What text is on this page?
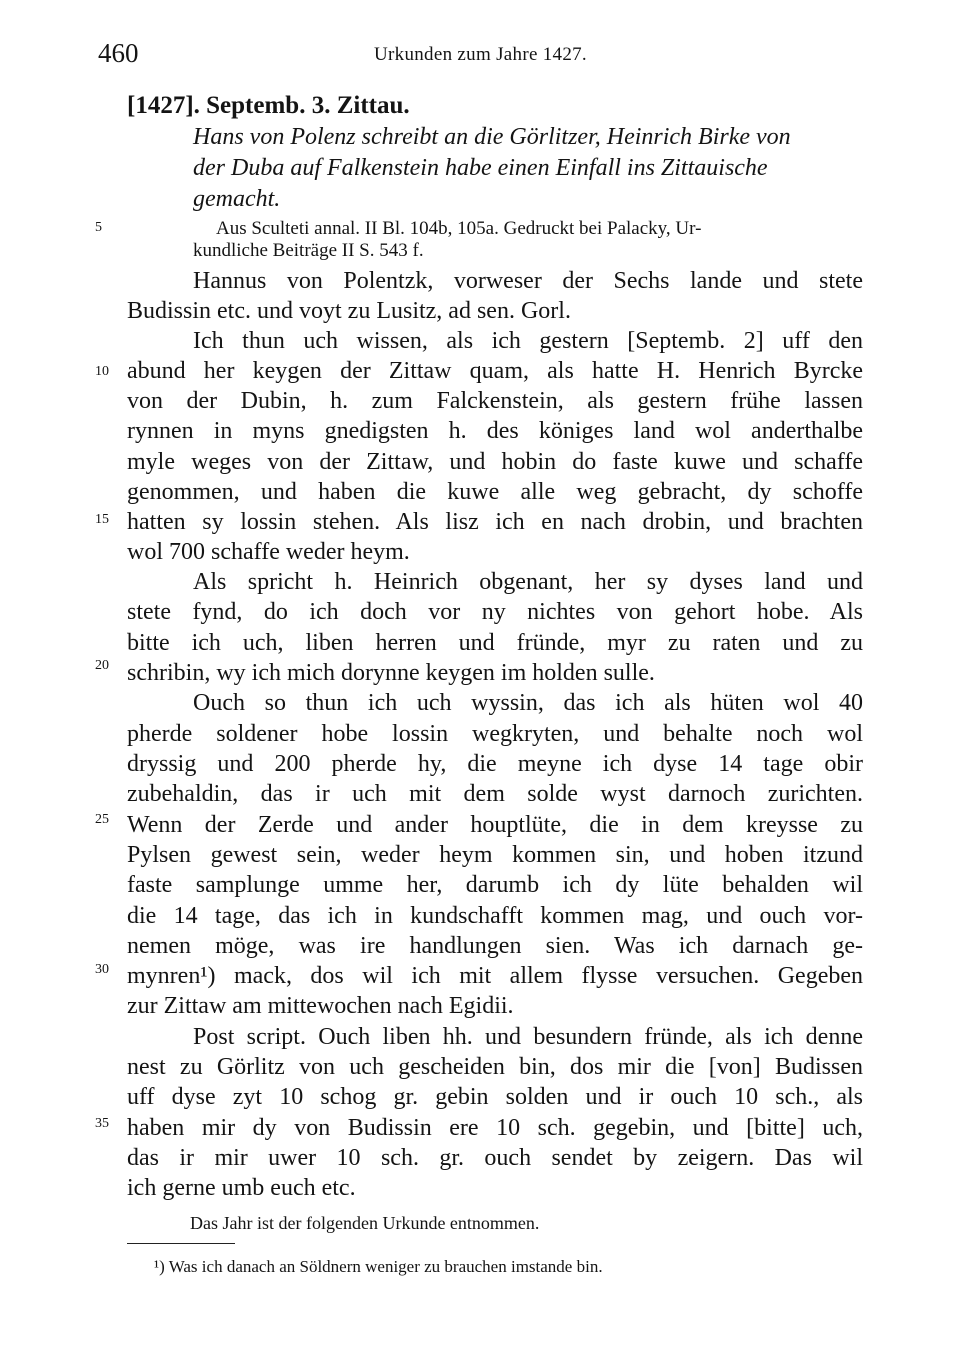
460	Urkunden zum Jahre 1427.
[1427]. Septemb. 3. Zittau.
Hans von Polenz schreibt an die Görlitzer, Heinrich Birke von
der Duba auf Falkenstein habe einen Einfall ins Zittauische
gemacht.
Aus Sculteti annal. II Bl. 104b, 105a. Gedruckt bei Palacky, Ur-
kundliche Beiträge II S. 543 f.
5
10
15
20
25
30
35
Hannus von Polentzk, vorweser der Sechs lande und stete
Budissin etc. und voyt zu Lusitz, ad sen. Gorl.
Ich thun uch wissen, als ich gestern [Septemb. 2] uff den
abund her keygen der Zittaw quam, als hatte H. Henrich Byrcke
von der Dubin, h. zum Falckenstein, als gestern frühe lassen
rynnen in myns gnedigsten h. des königes land wol anderthalbe
myle weges von der Zittaw, und hobin do faste kuwe und schaffe
genommen, und haben die kuwe alle weg gebracht, dy schoffe
hatten sy lossin stehen. Als lisz ich en nach drobin, und brachten
wol 700 schaffe weder heym.
Als spricht h. Heinrich obgenant, her sy dyses land und
stete fynd, do ich doch vor ny nichtes von gehort hobe. Als
bitte ich uch, liben herren und fründe, myr zu raten und zu
schribin, wy ich mich dorynne keygen im holden sulle.
Ouch so thun ich uch wyssin, das ich als hüten wol 40
pherde soldener hobe lossin wegkryten, und behalte noch wol
dryssig und 200 pherde hy, die meyne ich dyse 14 tage obir
zubehaldin, das ir uch mit dem solde wyst darnoch zurichten.
Wenn der Zerde und ander houptlüte, die in dem kreysse zu
Pylsen gewest sein, weder heym kommen sin, und hoben itzund
faste samplunge umme her, darumb ich dy lüte behalden wil
die 14 tage, das ich in kundschafft kommen mag, und ouch vor-
nemen möge, was ire handlungen sien. Was ich darnach ge-
mynren¹) mack, dos wil ich mit allem flysse versuchen. Gegeben
zur Zittaw am mittewochen nach Egidii.
Post script. Ouch liben hh. und besundern fründe, als ich denne
nest zu Görlitz von uch gescheiden bin, dos mir die [von] Budissen
uff dyse zyt 10 schog gr. gebin solden und ir ouch 10 sch., als
haben mir dy von Budissin ere 10 sch. gegebin, und [bitte] uch,
das ir mir uwer 10 sch. gr. ouch sendet by zeigern. Das wil
ich gerne umb euch etc.
Das Jahr ist der folgenden Urkunde entnommen.
¹) Was ich danach an Söldnern weniger zu brauchen imstande bin.
